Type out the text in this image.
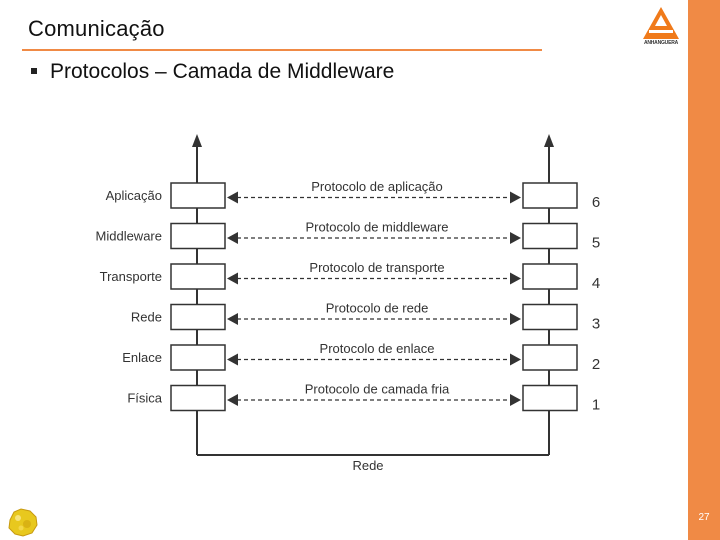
Comunicação
ANHANGUERA
27
Protocolos – Camada de Middleware
Aplicação
Protocolo de aplicação
6
Middleware
Protocolo de middleware
5
Transporte
Protocolo de transporte
4
Rede
Protocolo de rede
3
Enlace
Protocolo de enlace
2
Física
Protocolo de camada fria
1
Rede
